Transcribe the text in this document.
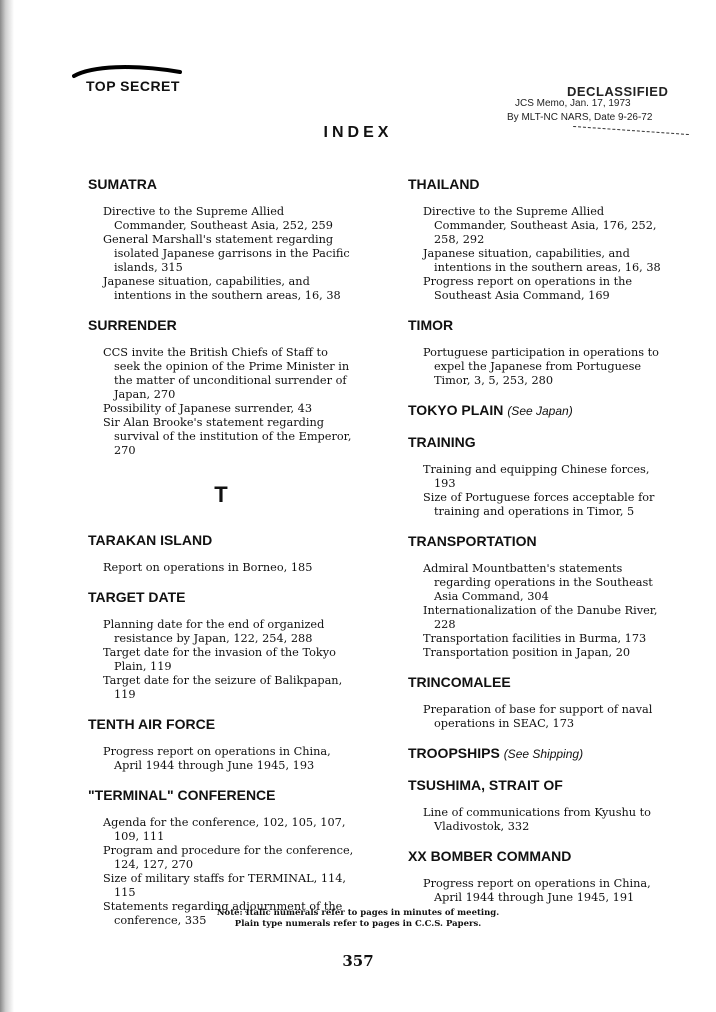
TOP SECRET	DECLASSIFIED
JCS Memo, Jan. 17, 1973
By MLT-NC NARS, Date 9-26-72
INDEX
SUMATRA
Directive to the Supreme Allied Commander, Southeast Asia, 252, 259
General Marshall's statement regarding isolated Japanese garrisons in the Pacific islands, 315
Japanese situation, capabilities, and intentions in the southern areas, 16, 38
SURRENDER
CCS invite the British Chiefs of Staff to seek the opinion of the Prime Minister in the matter of unconditional surrender of Japan, 270
Possibility of Japanese surrender, 43
Sir Alan Brooke's statement regarding survival of the institution of the Emperor, 270
T
TARAKAN ISLAND
Report on operations in Borneo, 185
TARGET DATE
Planning date for the end of organized resistance by Japan, 122, 254, 288
Target date for the invasion of the Tokyo Plain, 119
Target date for the seizure of Balikpapan, 119
TENTH AIR FORCE
Progress report on operations in China, April 1944 through June 1945, 193
"TERMINAL" CONFERENCE
Agenda for the conference, 102, 105, 107, 109, 111
Program and procedure for the conference, 124, 127, 270
Size of military staffs for TERMINAL, 114, 115
Statements regarding adjournment of the conference, 335
THAILAND
Directive to the Supreme Allied Commander, Southeast Asia, 176, 252, 258, 292
Japanese situation, capabilities, and intentions in the southern areas, 16, 38
Progress report on operations in the Southeast Asia Command, 169
TIMOR
Portuguese participation in operations to expel the Japanese from Portuguese Timor, 3, 5, 253, 280
TOKYO PLAIN (See Japan)
TRAINING
Training and equipping Chinese forces, 193
Size of Portuguese forces acceptable for training and operations in Timor, 5
TRANSPORTATION
Admiral Mountbatten's statements regarding operations in the Southeast Asia Command, 304
Internationalization of the Danube River, 228
Transportation facilities in Burma, 173
Transportation position in Japan, 20
TRINCOMALEE
Preparation of base for support of naval operations in SEAC, 173
TROOPSHIPS (See Shipping)
TSUSHIMA, STRAIT OF
Line of communications from Kyushu to Vladivostok, 332
XX BOMBER COMMAND
Progress report on operations in China, April 1944 through June 1945, 191
Note: Italic numerals refer to pages in minutes of meeting.
Plain type numerals refer to pages in C.C.S. Papers.
357
